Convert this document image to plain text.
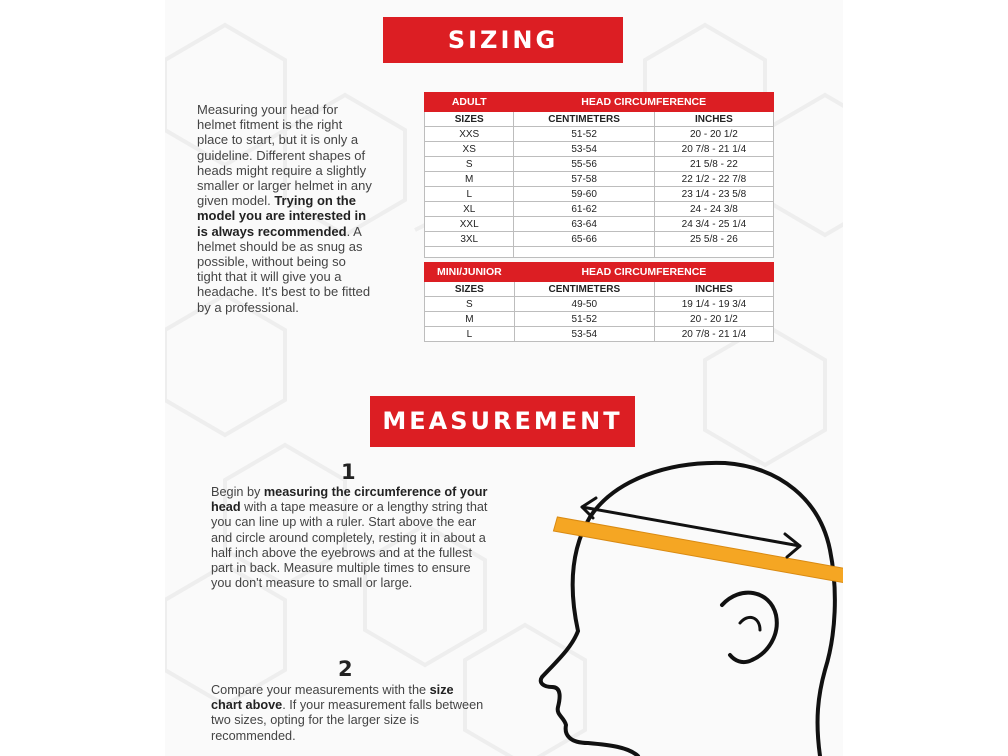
SIZING
Measuring your head for helmet fitment is the right place to start, but it is only a guideline. Different shapes of heads might require a slightly smaller or larger helmet in any given model. Trying on the model you are interested in is always recommended. A helmet should be as snug as possible, without being so tight that it will give you a headache. It's best to be fitted by a professional.
ADULT	HEAD CIRCUMFERENCE	
SIZES	CENTIMETERS	INCHES
XXS	51-52	20 - 20 1/2
XS	53-54	20 7/8 - 21 1/4
S	55-56	21 5/8 - 22
M	57-58	22 1/2 - 22 7/8
L	59-60	23 1/4 - 23 5/8
XL	61-62	24 - 24 3/8
XXL	63-64	24 3/4 - 25 1/4
3XL	65-66	25 5/8 - 26

MINI/JUNIOR	HEAD CIRCUMFERENCE	
SIZES	CENTIMETERS	INCHES
S	49-50	19 1/4 - 19 3/4
M	51-52	20 - 20 1/2
L	53-54	20 7/8 - 21 1/4
MEASUREMENT
1
Begin by measuring the circumference of your head with a tape measure or a lengthy string that you can line up with a ruler. Start above the ear and circle around completely, resting it in about a half inch above the eyebrows and at the fullest part in back. Measure multiple times to ensure you don't measure to small or large.
2
Compare your measurements with the size chart above. If your measurement falls between two sizes, opting for the larger size is recommended.
